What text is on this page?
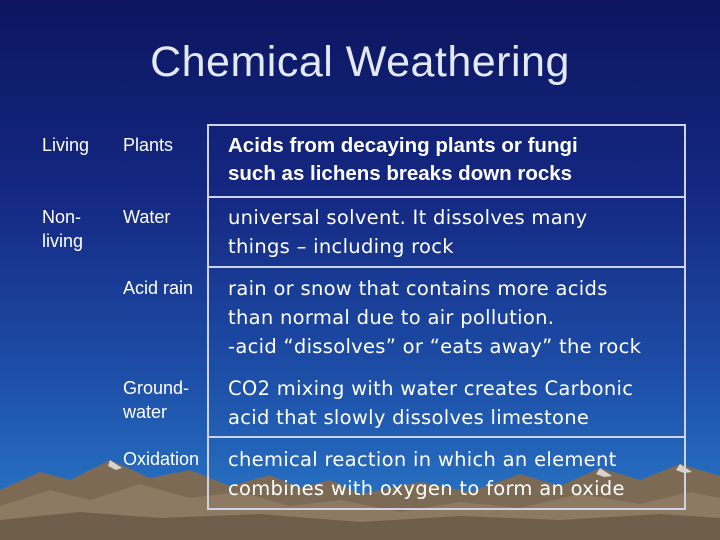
Chemical Weathering
Living	Plants	Acids from decaying plants or fungi
such as lichens breaks down rocks

Non-
living	Water	universal solvent. It dissolves many
things – including rock

	Acid rain	rain or snow that contains more acids
than normal due to air pollution.
-acid “dissolves” or “eats away” the rock

	Ground-
water	CO2 mixing with water creates Carbonic
acid that slowly dissolves limestone

	Oxidation	chemical reaction in which an element
combines with oxygen to form an oxide
